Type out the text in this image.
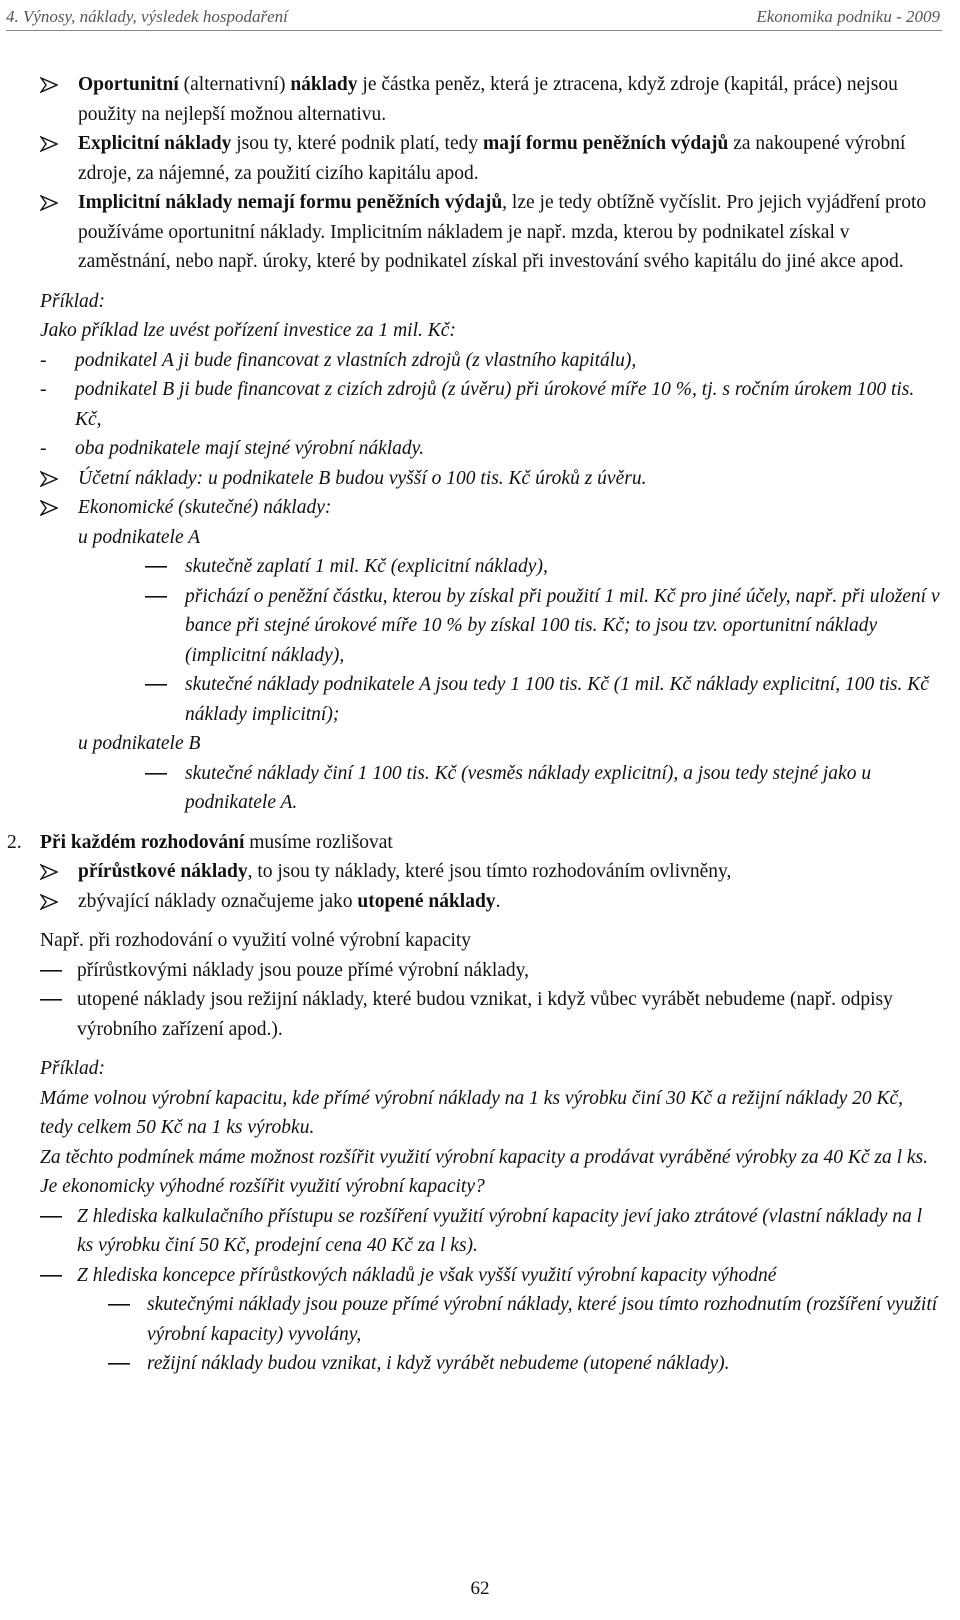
4. Výnosy, náklady, výsledek hospodaření	Ekonomika podniku - 2009
Oportunitní (alternativní) náklady je částka peněz, která je ztracena, když zdroje (kapitál, práce) nejsou použity na nejlepší možnou alternativu.
Explicitní náklady jsou ty, které podnik platí, tedy mají formu peněžních výdajů za nakoupené výrobní zdroje, za nájemné, za použití cizího kapitálu apod.
Implicitní náklady nemají formu peněžních výdajů, lze je tedy obtížně vyčíslit. Pro jejich vyjádření proto používáme oportunitní náklady. Implicitním nákladem je např. mzda, kterou by podnikatel získal v zaměstnání, nebo např. úroky, které by podnikatel získal při investování svého kapitálu do jiné akce apod.
Příklad:
Jako příklad lze uvést pořízení investice za 1 mil. Kč:
- podnikatel A ji bude financovat z vlastních zdrojů (z vlastního kapitálu),
- podnikatel B ji bude financovat z cizích zdrojů (z úvěru) při úrokové míře 10 %, tj. s ročním úrokem 100 tis. Kč,
- oba podnikatele mají stejné výrobní náklady.
Účetní náklady: u podnikatele B budou vyšší o 100 tis. Kč úroků z úvěru.
Ekonomické (skutečné) náklady:
u podnikatele A
skutečně zaplatí 1 mil. Kč (explicitní náklady),
přichází o peněžní částku, kterou by získal při použití 1 mil. Kč pro jiné účely, např. při uložení v bance při stejné úrokové míře 10 % by získal 100 tis. Kč; to jsou tzv. oportunitní náklady (implicitní náklady),
skutečné náklady podnikatele A jsou tedy 1 100 tis. Kč (1 mil. Kč náklady explicitní, 100 tis. Kč náklady implicitní);
u podnikatele B
skutečné náklady činí 1 100 tis. Kč (vesměs náklady explicitní), a jsou tedy stejné jako u podnikatele A.
2. Při každém rozhodování musíme rozlišovat
přírůstkové náklady, to jsou ty náklady, které jsou tímto rozhodováním ovlivněny,
zbývající náklady označujeme jako utopené náklady.
Např. při rozhodování o využití volné výrobní kapacity
přírůstkovými náklady jsou pouze přímé výrobní náklady,
utopené náklady jsou režijní náklady, které budou vznikat, i když vůbec vyrábět nebudeme (např. odpisy výrobního zařízení apod.).
Příklad:
Máme volnou výrobní kapacitu, kde přímé výrobní náklady na 1 ks výrobku činí 30 Kč a režijní náklady 20 Kč, tedy celkem 50 Kč na 1 ks výrobku.
Za těchto podmínek máme možnost rozšířit využití výrobní kapacity a prodávat vyráběné výrobky za 40 Kč za l ks. Je ekonomicky výhodné rozšířit využití výrobní kapacity?
Z hlediska kalkulačního přístupu se rozšíření využití výrobní kapacity jeví jako ztrátové (vlastní náklady na l ks výrobku činí 50 Kč, prodejní cena 40 Kč za l ks).
Z hlediska koncepce přírůstkových nákladů je však vyšší využití výrobní kapacity výhodné
skutečnými náklady jsou pouze přímé výrobní náklady, které jsou tímto rozhodnutím (rozšíření využití výrobní kapacity) vyvolány,
režijní náklady budou vznikat, i když vyrábět nebudeme (utopené náklady).
62
